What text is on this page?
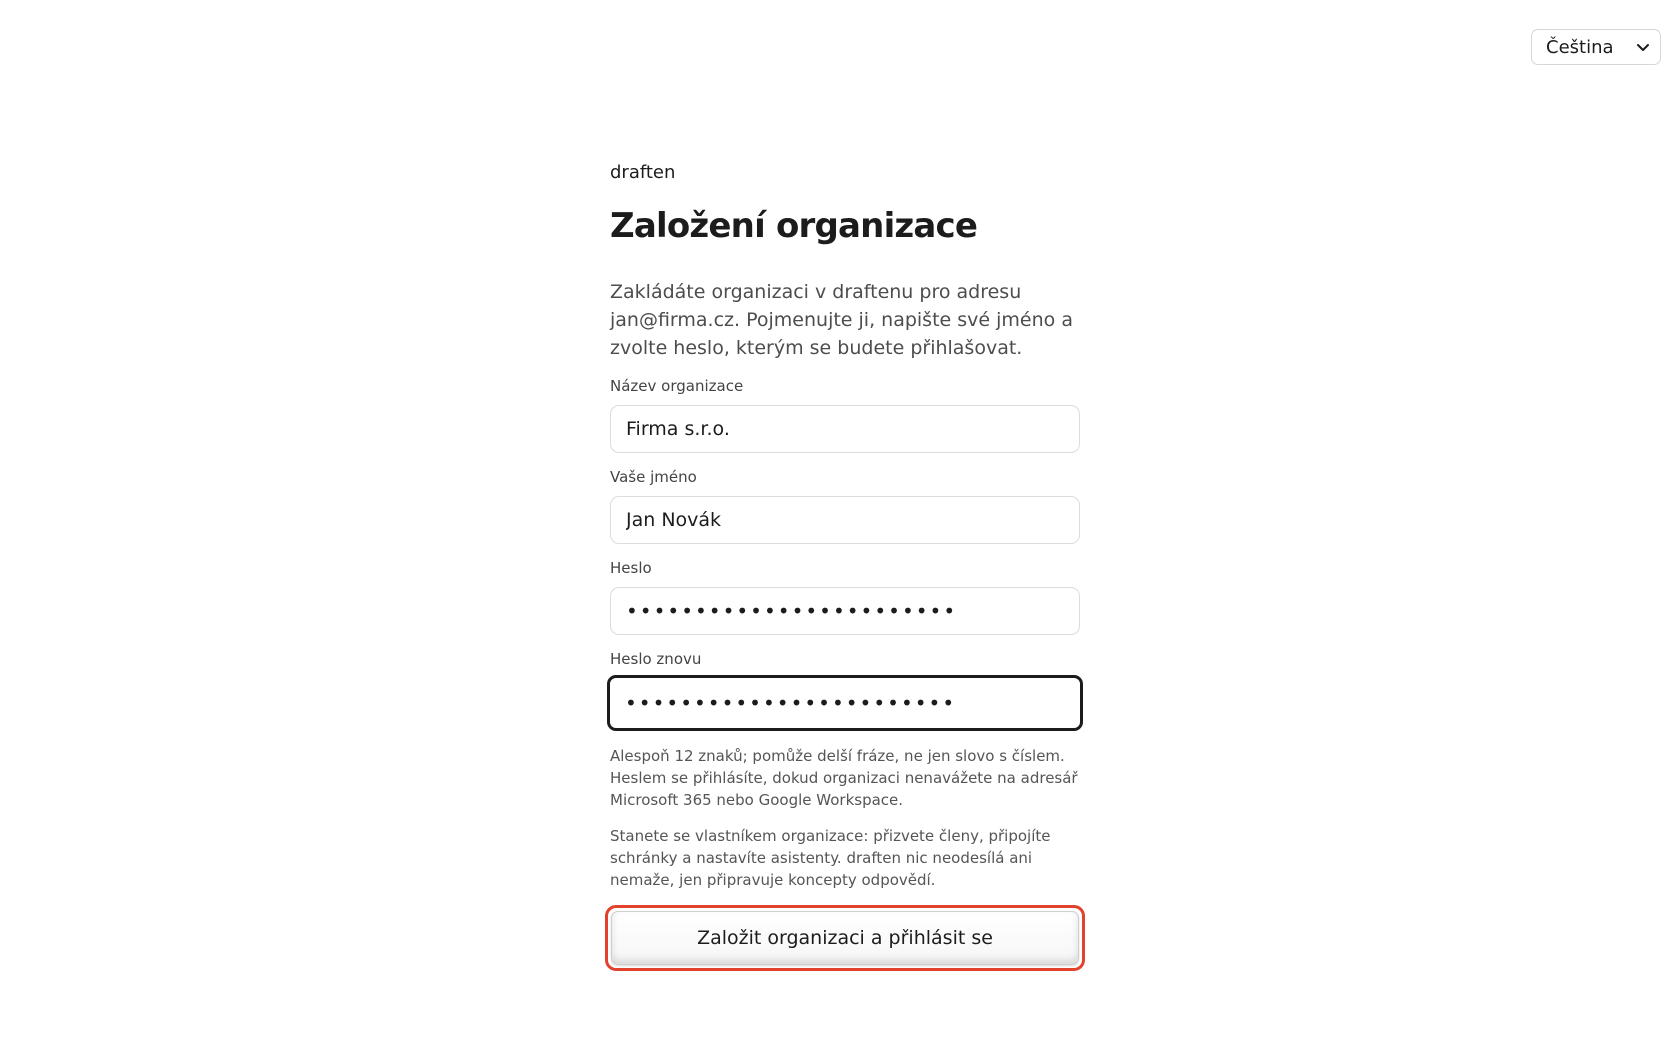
Čeština
draften
Založení organizace

Zakládáte organizaci v draftenu pro adresu jan@firma.cz. Pojmenujte ji, napište své jméno a zvolte heslo, kterým se budete přihlašovat.

Název organizace
Firma s.r.o.
Vaše jméno
Jan Novák
Heslo
••••••••••••••••••••••••
Heslo znovu
••••••••••••••••••••••••

Alespoň 12 znaků; pomůže delší fráze, ne jen slovo s číslem. Heslem se přihlásíte, dokud organizaci nenavážete na adresář Microsoft 365 nebo Google Workspace.

Stanete se vlastníkem organizace: přizvete členy, připojíte schránky a nastavíte asistenty. draften nic neodesílá ani nemaže, jen připravuje koncepty odpovědí.

Založit organizaci a přihlásit se
